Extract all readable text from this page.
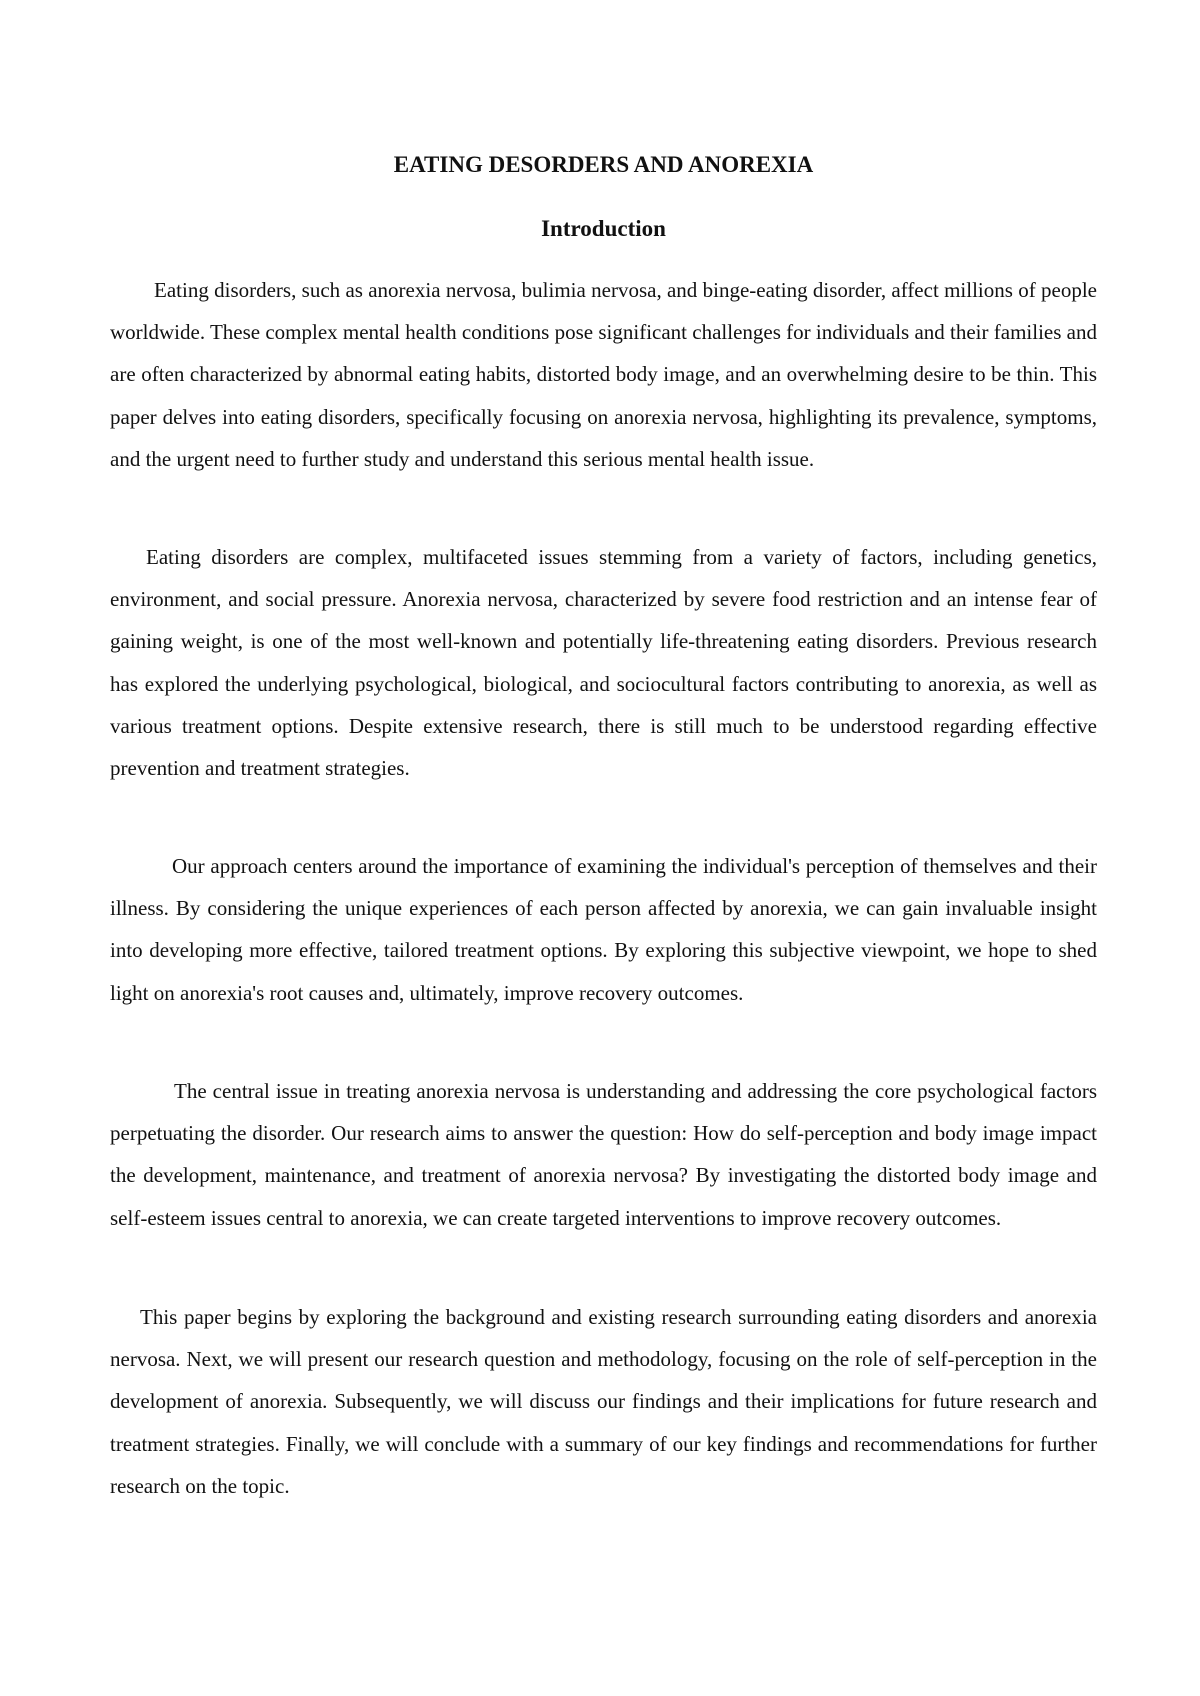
EATING DESORDERS AND ANOREXIA
Introduction

Eating disorders, such as anorexia nervosa, bulimia nervosa, and binge-eating disorder, affect millions of people worldwide. These complex mental health conditions pose significant challenges for individuals and their families and are often characterized by abnormal eating habits, distorted body image, and an overwhelming desire to be thin. This paper delves into eating disorders, specifically focusing on anorexia nervosa, highlighting its prevalence, symptoms, and the urgent need to further study and understand this serious mental health issue.

Eating disorders are complex, multifaceted issues stemming from a variety of factors, including genetics, environment, and social pressure. Anorexia nervosa, characterized by severe food restriction and an intense fear of gaining weight, is one of the most well-known and potentially life-threatening eating disorders. Previous research has explored the underlying psychological, biological, and sociocultural factors contributing to anorexia, as well as various treatment options. Despite extensive research, there is still much to be understood regarding effective prevention and treatment strategies.

Our approach centers around the importance of examining the individual's perception of themselves and their illness. By considering the unique experiences of each person affected by anorexia, we can gain invaluable insight into developing more effective, tailored treatment options. By exploring this subjective viewpoint, we hope to shed light on anorexia's root causes and, ultimately, improve recovery outcomes.

The central issue in treating anorexia nervosa is understanding and addressing the core psychological factors perpetuating the disorder. Our research aims to answer the question: How do self-perception and body image impact the development, maintenance, and treatment of anorexia nervosa? By investigating the distorted body image and self-esteem issues central to anorexia, we can create targeted interventions to improve recovery outcomes.

This paper begins by exploring the background and existing research surrounding eating disorders and anorexia nervosa. Next, we will present our research question and methodology, focusing on the role of self-perception in the development of anorexia. Subsequently, we will discuss our findings and their implications for future research and treatment strategies. Finally, we will conclude with a summary of our key findings and recommendations for further research on the topic.
